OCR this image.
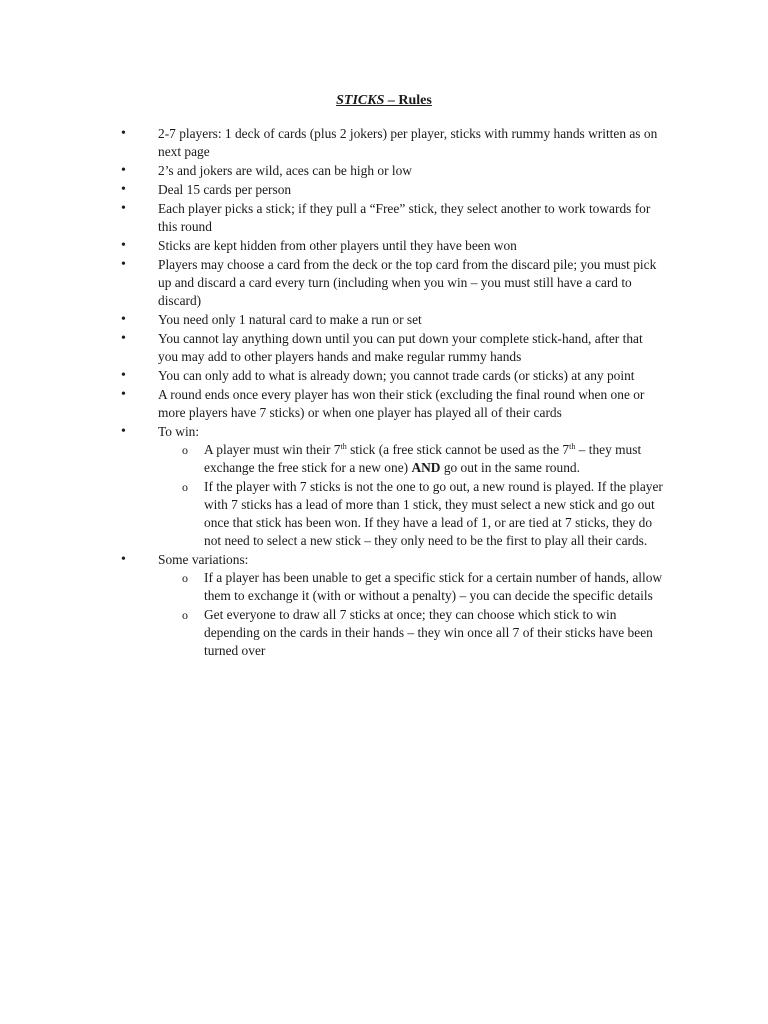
STICKS – Rules
• 2-7 players: 1 deck of cards (plus 2 jokers) per player, sticks with rummy hands written as on next page
• 2’s and jokers are wild, aces can be high or low
• Deal 15 cards per person
• Each player picks a stick; if they pull a “Free” stick, they select another to work towards for this round
• Sticks are kept hidden from other players until they have been won
• Players may choose a card from the deck or the top card from the discard pile; you must pick up and discard a card every turn (including when you win – you must still have a card to discard)
• You need only 1 natural card to make a run or set
• You cannot lay anything down until you can put down your complete stick-hand, after that you may add to other players hands and make regular rummy hands
• You can only add to what is already down; you cannot trade cards (or sticks) at any point
• A round ends once every player has won their stick (excluding the final round when one or more players have 7 sticks) or when one player has played all of their cards
• To win:
o A player must win their 7th stick (a free stick cannot be used as the 7th – they must exchange the free stick for a new one) AND go out in the same round.
o If the player with 7 sticks is not the one to go out, a new round is played. If the player with 7 sticks has a lead of more than 1 stick, they must select a new stick and go out once that stick has been won. If they have a lead of 1, or are tied at 7 sticks, they do not need to select a new stick – they only need to be the first to play all their cards.
• Some variations:
o If a player has been unable to get a specific stick for a certain number of hands, allow them to exchange it (with or without a penalty) – you can decide the specific details
o Get everyone to draw all 7 sticks at once; they can choose which stick to win depending on the cards in their hands – they win once all 7 of their sticks have been turned over
